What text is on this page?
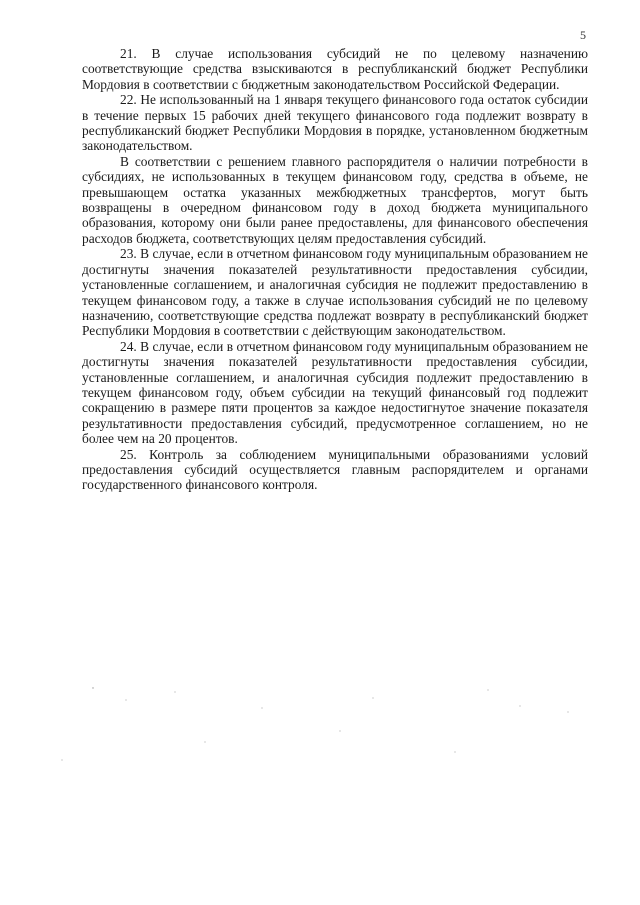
5

21. В случае использования субсидий не по целевому назначению соответствующие средства взыскиваются в республиканский бюджет Республики Мордовия в соответствии с бюджетным законодательством Российской Федерации.

22. Не использованный на 1 января текущего финансового года остаток субсидии в течение первых 15 рабочих дней текущего финансового года подлежит возврату в республиканский бюджет Республики Мордовия в порядке, установленном бюджетным законодательством.

В соответствии с решением главного распорядителя о наличии потребности в субсидиях, не использованных в текущем финансовом году, средства в объеме, не превышающем остатка указанных межбюджетных трансфертов, могут быть возвращены в очередном финансовом году в доход бюджета муниципального образования, которому они были ранее предоставлены, для финансового обеспечения расходов бюджета, соответствующих целям предоставления субсидий.

23. В случае, если в отчетном финансовом году муниципальным образованием не достигнуты значения показателей результативности предоставления субсидии, установленные соглашением, и аналогичная субсидия не подлежит предоставлению в текущем финансовом году, а также в случае использования субсидий не по целевому назначению, соответствующие средства подлежат возврату в республиканский бюджет Республики Мордовия в соответствии с действующим законодательством.

24. В случае, если в отчетном финансовом году муниципальным образованием не достигнуты значения показателей результативности предоставления субсидии, установленные соглашением, и аналогичная субсидия подлежит предоставлению в текущем финансовом году, объем субсидии на текущий финансовый год подлежит сокращению в размере пяти процентов за каждое недостигнутое значение показателя результативности предоставления субсидий, предусмотренное соглашением, но не более чем на 20 процентов.

25. Контроль за соблюдением муниципальными образованиями условий предоставления субсидий осуществляется главным распорядителем и органами государственного финансового контроля.
